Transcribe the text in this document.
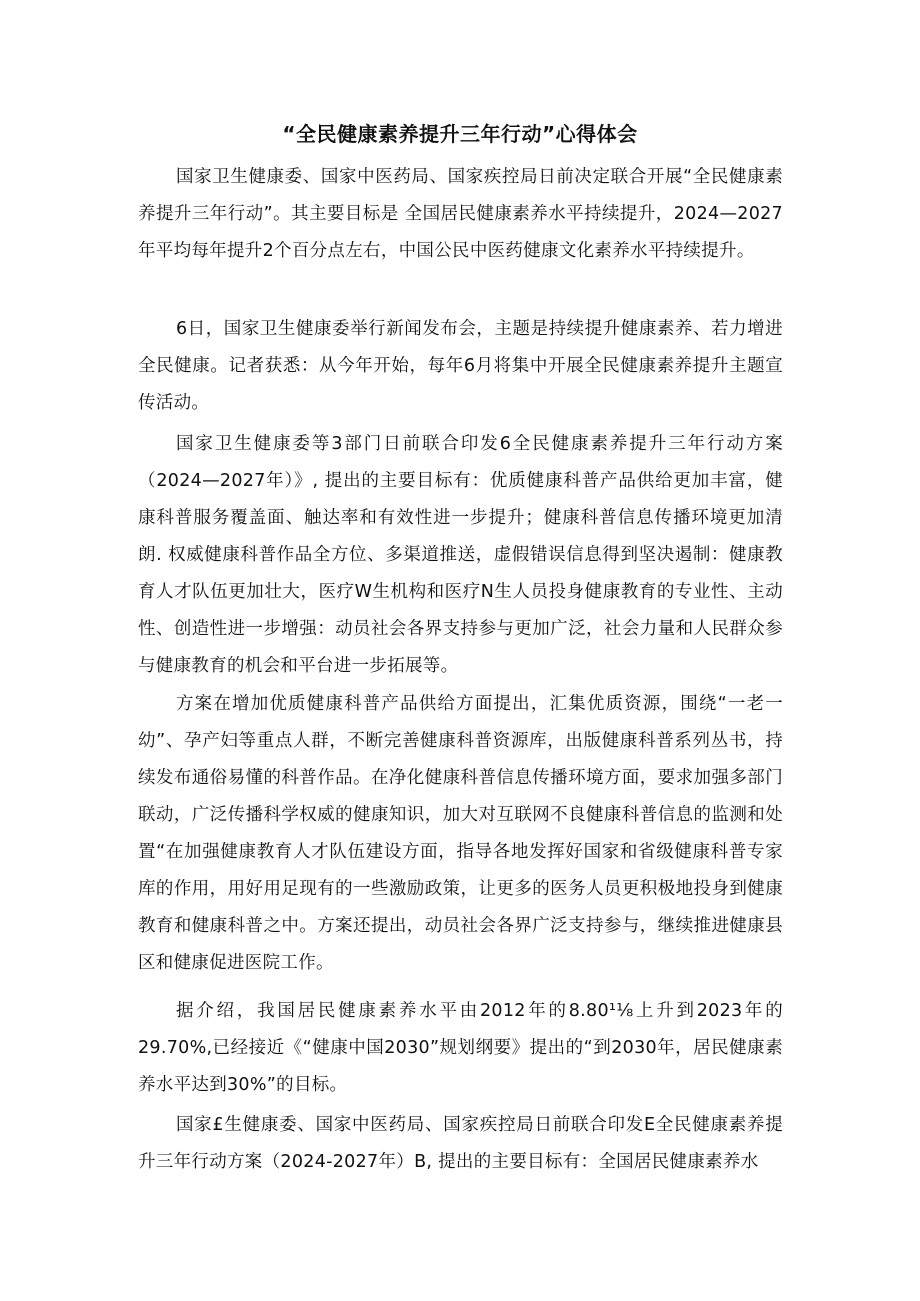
“全民健康素养提升三年行动”心得体会

国家卫生健康委、国家中医药局、国家疾控局日前决定联合开展“全民健康素养提升三年行动”。其主要目标是 全国居民健康素养水平持续提升，2024—2027年平均每年提升2个百分点左右，中国公民中医药健康文化素养水平持续提升。

6日，国家卫生健康委举行新闻发布会，主题是持续提升健康素养、若力增进全民健康。记者获悉：从今年开始，每年6月将集中开展全民健康素养提升主题宣传活动。

国家卫生健康委等3部门日前联合印发6全民健康素养提升三年行动方案（2024—2027年）》, 提出的主要目标有：优质健康科普产品供给更加丰富，健康科普服务覆盖面、触达率和有效性进一步提升；健康科普信息传播环境更加清朗. 权威健康科普作品全方位、多渠道推送，虚假错误信息得到坚决遏制：健康教育人才队伍更加壮大，医疗W生机构和医疗N生人员投身健康教育的专业性、主动性、创造性进一步增强：动员社会各界支持参与更加广泛，社会力量和人民群众参与健康教育的机会和平台进一步拓展等。

方案在增加优质健康科普产品供给方面提出，汇集优质资源，围绕“一老一幼”、孕产妇等重点人群，不断完善健康科普资源库，出版健康科普系列丛书，持续发布通俗易懂的科普作品。在净化健康科普信息传播环境方面，要求加强多部门联动，广泛传播科学权威的健康知识，加大对互联网不良健康科普信息的监测和处置“在加强健康教育人才队伍建设方面，指导各地发挥好国家和省级健康科普专家库的作用，用好用足现有的一些激励政策，让更多的医务人员更积极地投身到健康教育和健康科普之中。方案还提出，动员社会各界广泛支持参与，继续推进健康县区和健康促进医院工作。

据介绍，我国居民健康素养水平由2012年的8.80¹⅛上升到2023年的29.70%,已经接近《“健康中国2030”规划纲要》提出的“到2030年，居民健康素养水平达到30%”的目标。

国家£生健康委、国家中医药局、国家疾控局日前联合印发E全民健康素养提升三年行动方案（2024-2027年）B, 提出的主要目标有：全国居民健康素养水
